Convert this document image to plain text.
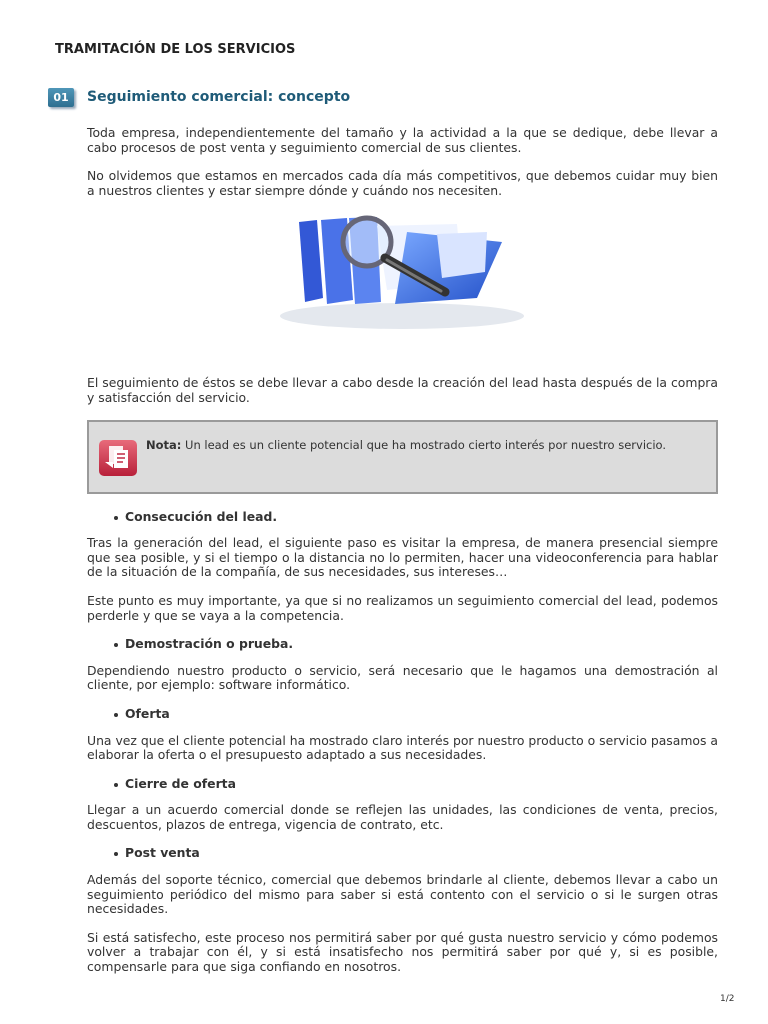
TRAMITACIÓN DE LOS SERVICIOS
01	Seguimiento comercial: concepto

Toda empresa, independientemente del tamaño y la actividad a la que se dedique, debe llevar a cabo procesos de post venta y seguimiento comercial de sus clientes.

No olvidemos que estamos en mercados cada día más competitivos, que debemos cuidar muy bien a nuestros clientes y estar siempre dónde y cuándo nos necesiten.

El seguimiento de éstos se debe llevar a cabo desde la creación del lead hasta después de la compra y satisfacción del servicio.

Nota: Un lead es un cliente potencial que ha mostrado cierto interés por nuestro servicio.
Consecución del lead.

Tras la generación del lead, el siguiente paso es visitar la empresa, de manera presencial siempre que sea posible, y si el tiempo o la distancia no lo permiten, hacer una videoconferencia para hablar de la situación de la compañía, de sus necesidades, sus intereses…

Este punto es muy importante, ya que si no realizamos un seguimiento comercial del lead, podemos perderle y que se vaya a la competencia.

Demostración o prueba.

Dependiendo nuestro producto o servicio, será necesario que le hagamos una demostración al cliente, por ejemplo: software informático.

Oferta

Una vez que el cliente potencial ha mostrado claro interés por nuestro producto o servicio pasamos a elaborar la oferta o el presupuesto adaptado a sus necesidades.

Cierre de oferta

Llegar a un acuerdo comercial donde se reflejen las unidades, las condiciones de venta, precios, descuentos, plazos de entrega, vigencia de contrato, etc.

Post venta

Además del soporte técnico, comercial que debemos brindarle al cliente, debemos llevar a cabo un seguimiento periódico del mismo para saber si está contento con el servicio o si le surgen otras necesidades.

Si está satisfecho, este proceso nos permitirá saber por qué gusta nuestro servicio y cómo podemos volver a trabajar con él, y si está insatisfecho nos permitirá saber por qué y, si es posible, compensarle para que siga confiando en nosotros.

1/2
